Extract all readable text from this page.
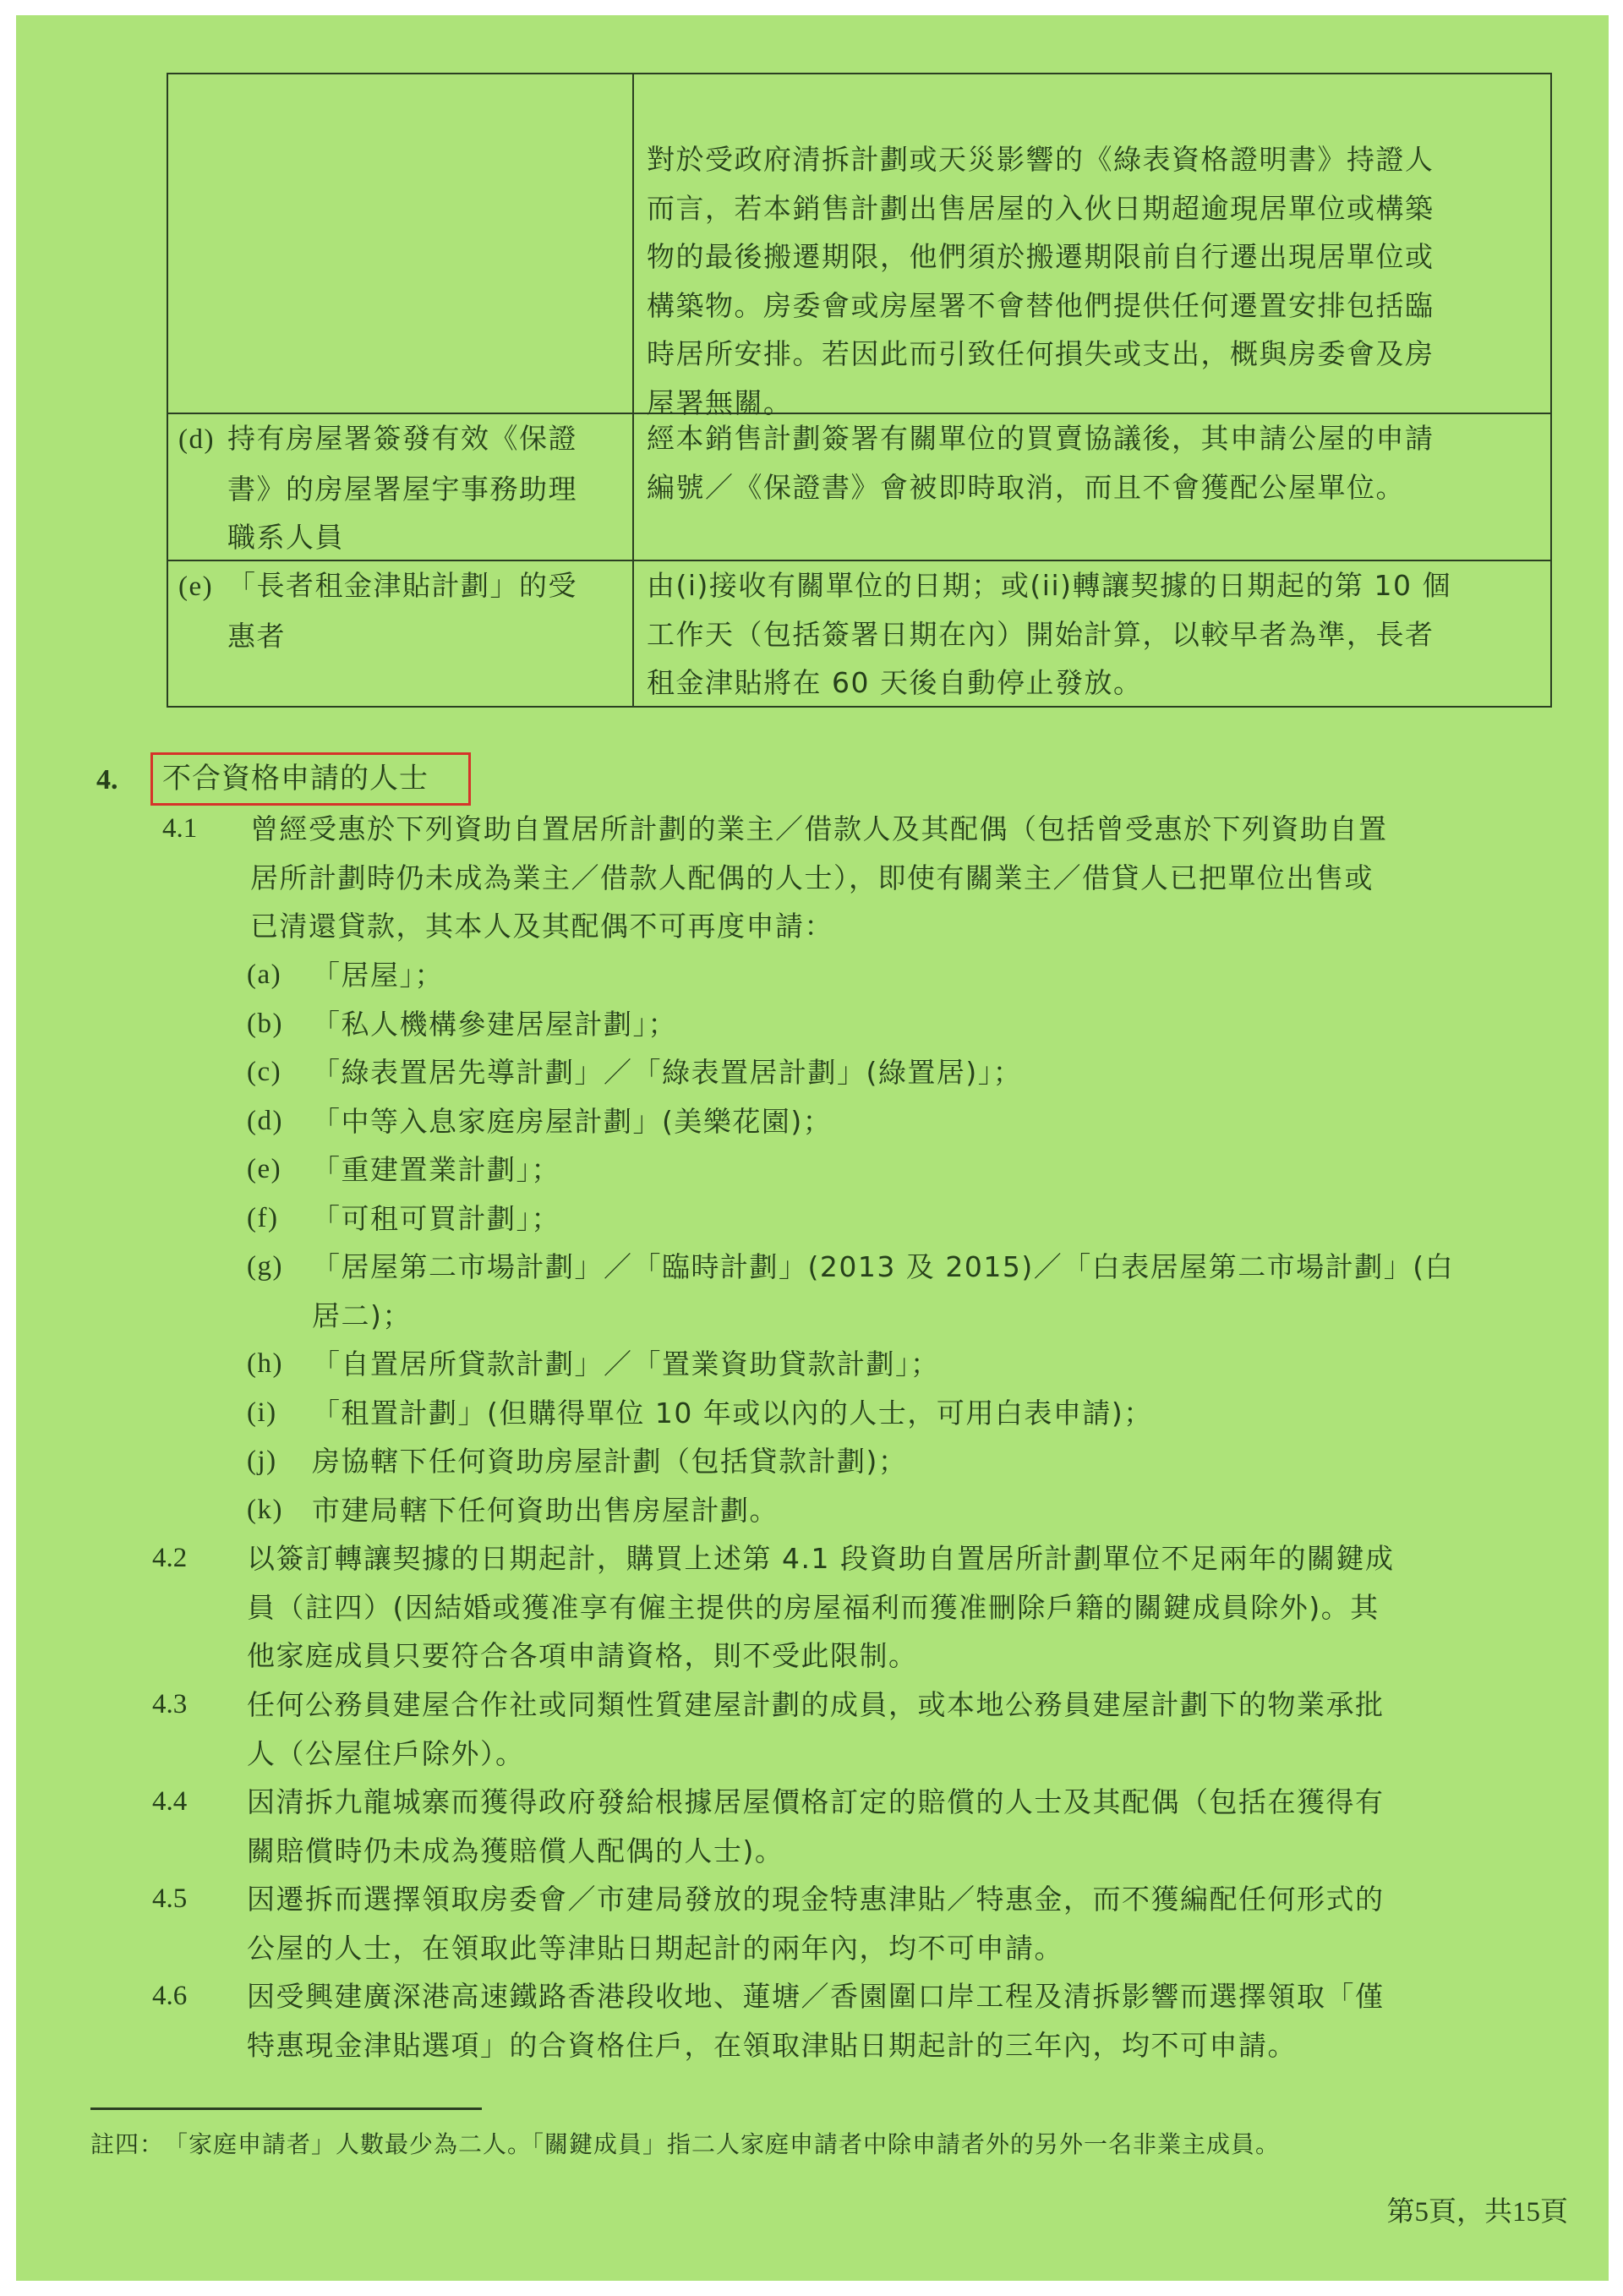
對於受政府清拆計劃或天災影響的《綠表資格證明書》持證人
而言，若本銷售計劃出售居屋的入伙日期超逾現居單位或構築
物的最後搬遷期限，他們須於搬遷期限前自行遷出現居單位或
構築物。房委會或房屋署不會替他們提供任何遷置安排包括臨
時居所安排。若因此而引致任何損失或支出，概與房委會及房
屋署無關。
(d) 持有房屋署簽發有效《保證
書》的房屋署屋宇事務助理
職系人員
經本銷售計劃簽署有關單位的買賣協議後，其申請公屋的申請
編號／《保證書》會被即時取消，而且不會獲配公屋單位。
(e) 「長者租金津貼計劃」的受
惠者
由(i)接收有關單位的日期；或(ii)轉讓契據的日期起的第 10 個
工作天（包括簽署日期在內）開始計算，以較早者為準，長者
租金津貼將在 60 天後自動停止發放。
4. 不合資格申請的人士
4.1 曾經受惠於下列資助自置居所計劃的業主／借款人及其配偶（包括曾受惠於下列資助自置
居所計劃時仍未成為業主／借款人配偶的人士），即使有關業主／借貸人已把單位出售或
已清還貸款，其本人及其配偶不可再度申請：
(a) 「居屋」；
(b) 「私人機構參建居屋計劃」；
(c) 「綠表置居先導計劃」／「綠表置居計劃」(綠置居)」；
(d) 「中等入息家庭房屋計劃」(美樂花園)；
(e) 「重建置業計劃」；
(f) 「可租可買計劃」；
(g) 「居屋第二市場計劃」／「臨時計劃」(2013 及 2015)／「白表居屋第二市場計劃」(白
居二)；
(h) 「自置居所貸款計劃」／「置業資助貸款計劃」；
(i) 「租置計劃」(但購得單位 10 年或以內的人士，可用白表申請)；
(j) 房協轄下任何資助房屋計劃（包括貸款計劃)；
(k) 市建局轄下任何資助出售房屋計劃。
4.2 以簽訂轉讓契據的日期起計，購買上述第 4.1 段資助自置居所計劃單位不足兩年的關鍵成
員（註四）(因結婚或獲准享有僱主提供的房屋福利而獲准刪除戶籍的關鍵成員除外)。其
他家庭成員只要符合各項申請資格，則不受此限制。
4.3 任何公務員建屋合作社或同類性質建屋計劃的成員，或本地公務員建屋計劃下的物業承批
人（公屋住戶除外）。
4.4 因清拆九龍城寨而獲得政府發給根據居屋價格訂定的賠償的人士及其配偶（包括在獲得有
關賠償時仍未成為獲賠償人配偶的人士)。
4.5 因遷拆而選擇領取房委會／市建局發放的現金特惠津貼／特惠金，而不獲編配任何形式的
公屋的人士，在領取此等津貼日期起計的兩年內，均不可申請。
4.6 因受興建廣深港高速鐵路香港段收地、蓮塘／香園圍口岸工程及清拆影響而選擇領取「僅
特惠現金津貼選項」的合資格住戶，在領取津貼日期起計的三年內，均不可申請。
註四： 「家庭申請者」人數最少為二人。「關鍵成員」指二人家庭申請者中除申請者外的另外一名非業主成員。
第5頁，共15頁
